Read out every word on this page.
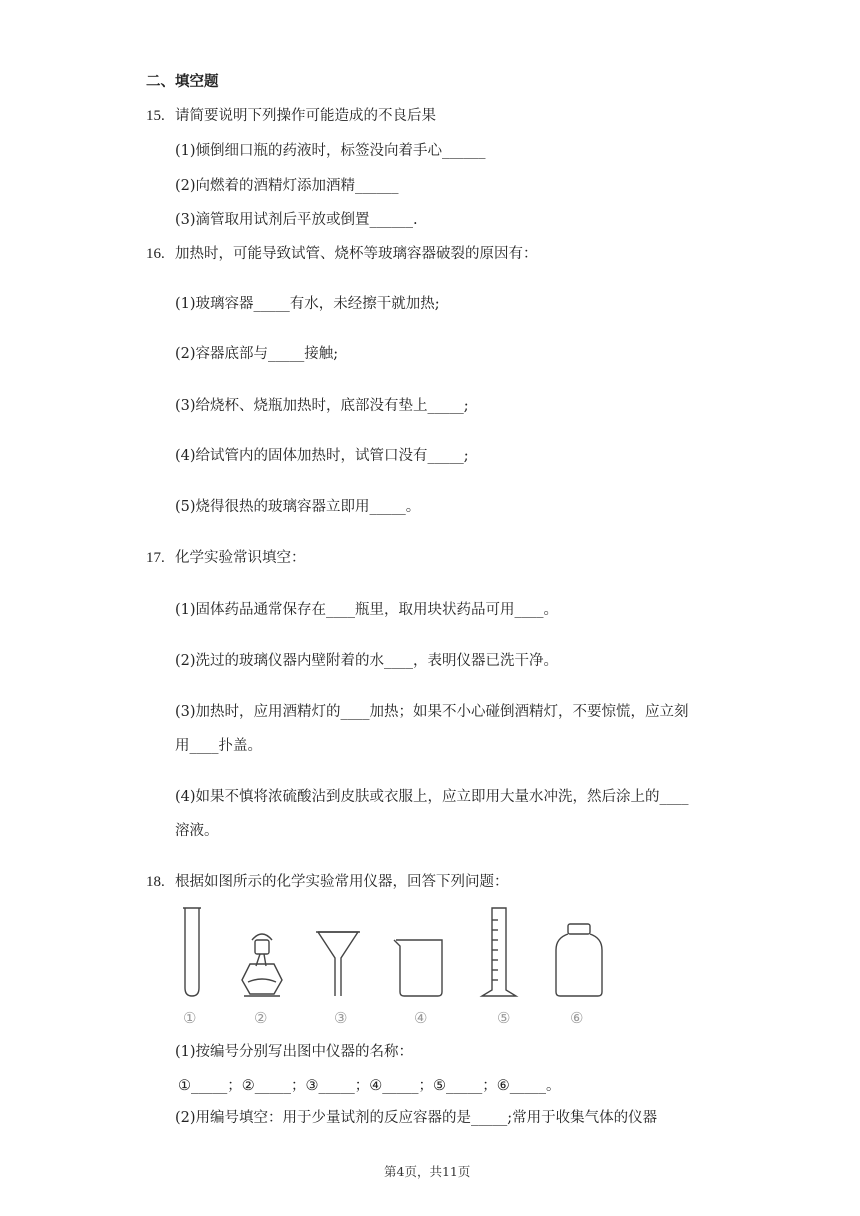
二、填空题
15. 请简要说明下列操作可能造成的不良后果
(1)倾倒细口瓶的药液时，标签没向着手心______
(2)向燃着的酒精灯添加酒精______
(3)滴管取用试剂后平放或倒置______.
16. 加热时，可能导致试管、烧杯等玻璃容器破裂的原因有：
(1)玻璃容器_____有水，未经擦干就加热;
(2)容器底部与_____接触;
(3)给烧杯、烧瓶加热时，底部没有垫上_____;
(4)给试管内的固体加热时，试管口没有_____;
(5)烧得很热的玻璃容器立即用_____。
17. 化学实验常识填空：
(1)固体药品通常保存在____瓶里，取用块状药品可用____。
(2)洗过的玻璃仪器内壁附着的水____，表明仪器已洗干净。
(3)加热时，应用酒精灯的____加热；如果不小心碰倒酒精灯，不要惊慌，应立刻
用____扑盖。
(4)如果不慎将浓硫酸沾到皮肤或衣服上，应立即用大量水冲洗，然后涂上的____
溶液。
18. 根据如图所示的化学实验常用仪器，回答下列问题：
①	②	③	④	⑤	⑥
(1)按编号分别写出图中仪器的名称：
①_____；②_____；③_____；④_____；⑤_____；⑥_____。
(2)用编号填空：用于少量试剂的反应容器的是_____;常用于收集气体的仪器
第4页，共11页
